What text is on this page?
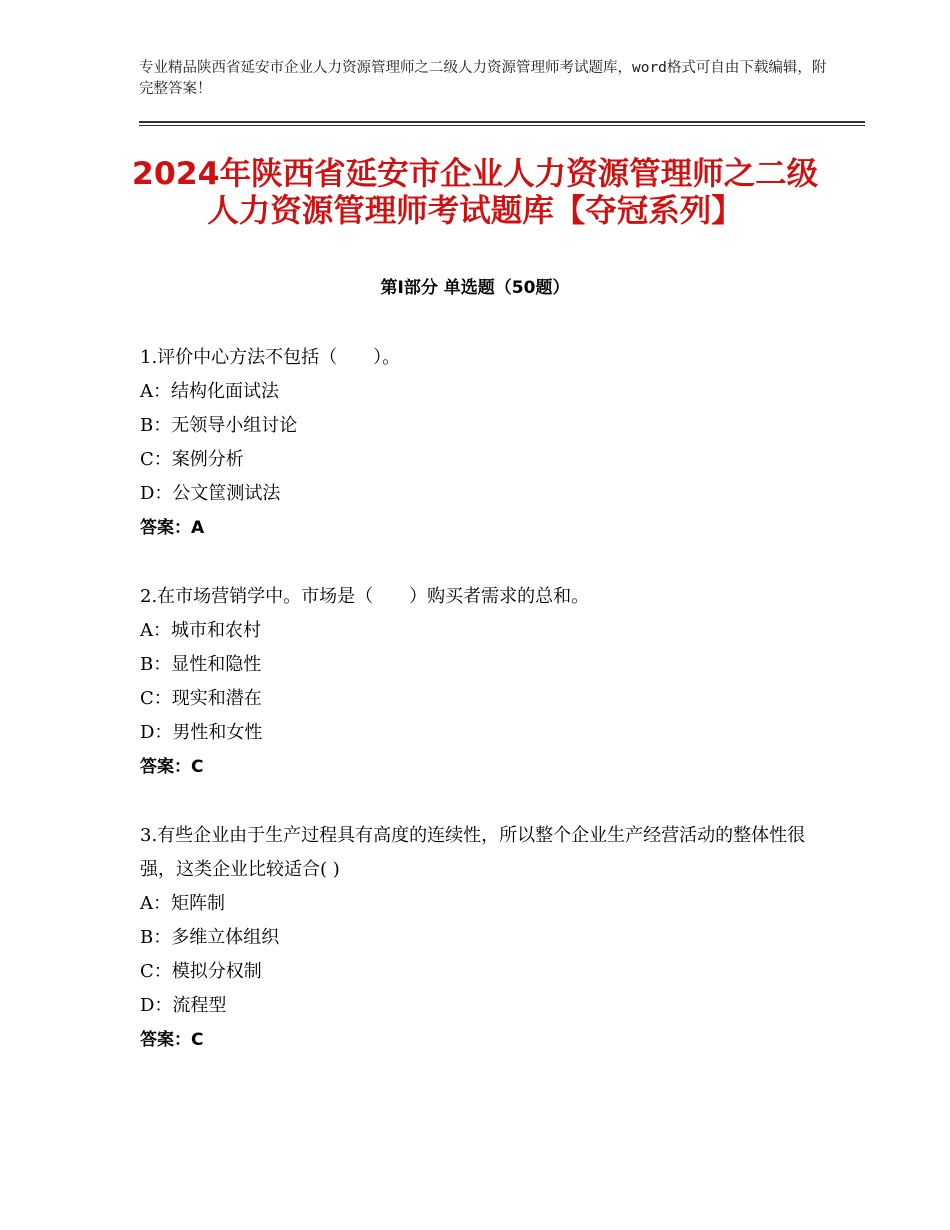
专业精品陕西省延安市企业人力资源管理师之二级人力资源管理师考试题库，word格式可自由下载编辑，附完整答案！
2024年陕西省延安市企业人力资源管理师之二级人力资源管理师考试题库【夺冠系列】
第Ⅰ部分 单选题（50题）
1.评价中心方法不包括（　　）。
A：结构化面试法
B：无领导小组讨论
C：案例分析
D：公文筐测试法
答案：A
2.在市场营销学中。市场是（　　）购买者需求的总和。
A：城市和农村
B：显性和隐性
C：现实和潜在
D：男性和女性
答案：C
3.有些企业由于生产过程具有高度的连续性，所以整个企业生产经营活动的整体性很强，这类企业比较适合( )
A：矩阵制
B：多维立体组织
C：模拟分权制
D：流程型
答案：C
